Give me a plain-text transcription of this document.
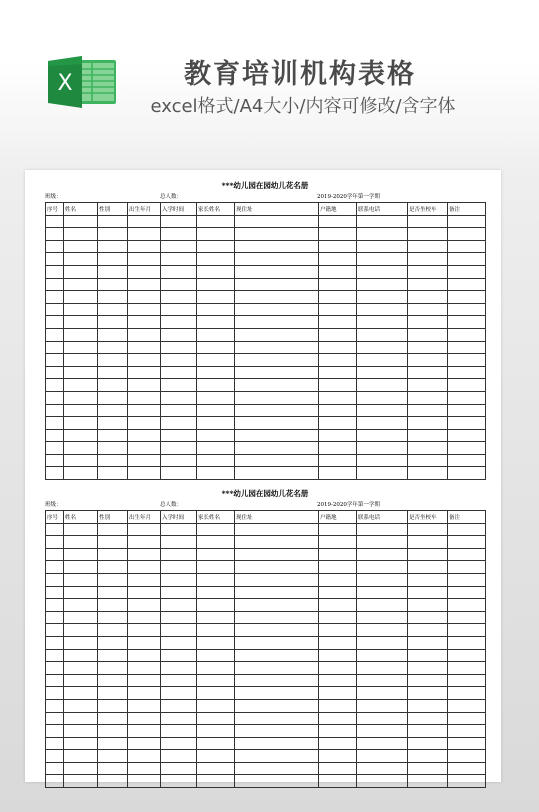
X	教育培训机构表格
excel格式/A4大小/内容可修改/含字体
***幼儿园在园幼儿花名册
班级：	总人数：	2019-2020学年第一学期
序号	姓名	性别	出生年月	入学时间	家长姓名	现住址	户籍地	联系电话	是否坐校车	备注

***幼儿园在园幼儿花名册
班级：	总人数：	2019-2020学年第一学期
序号	姓名	性别	出生年月	入学时间	家长姓名	现住址	户籍地	联系电话	是否坐校车	备注
